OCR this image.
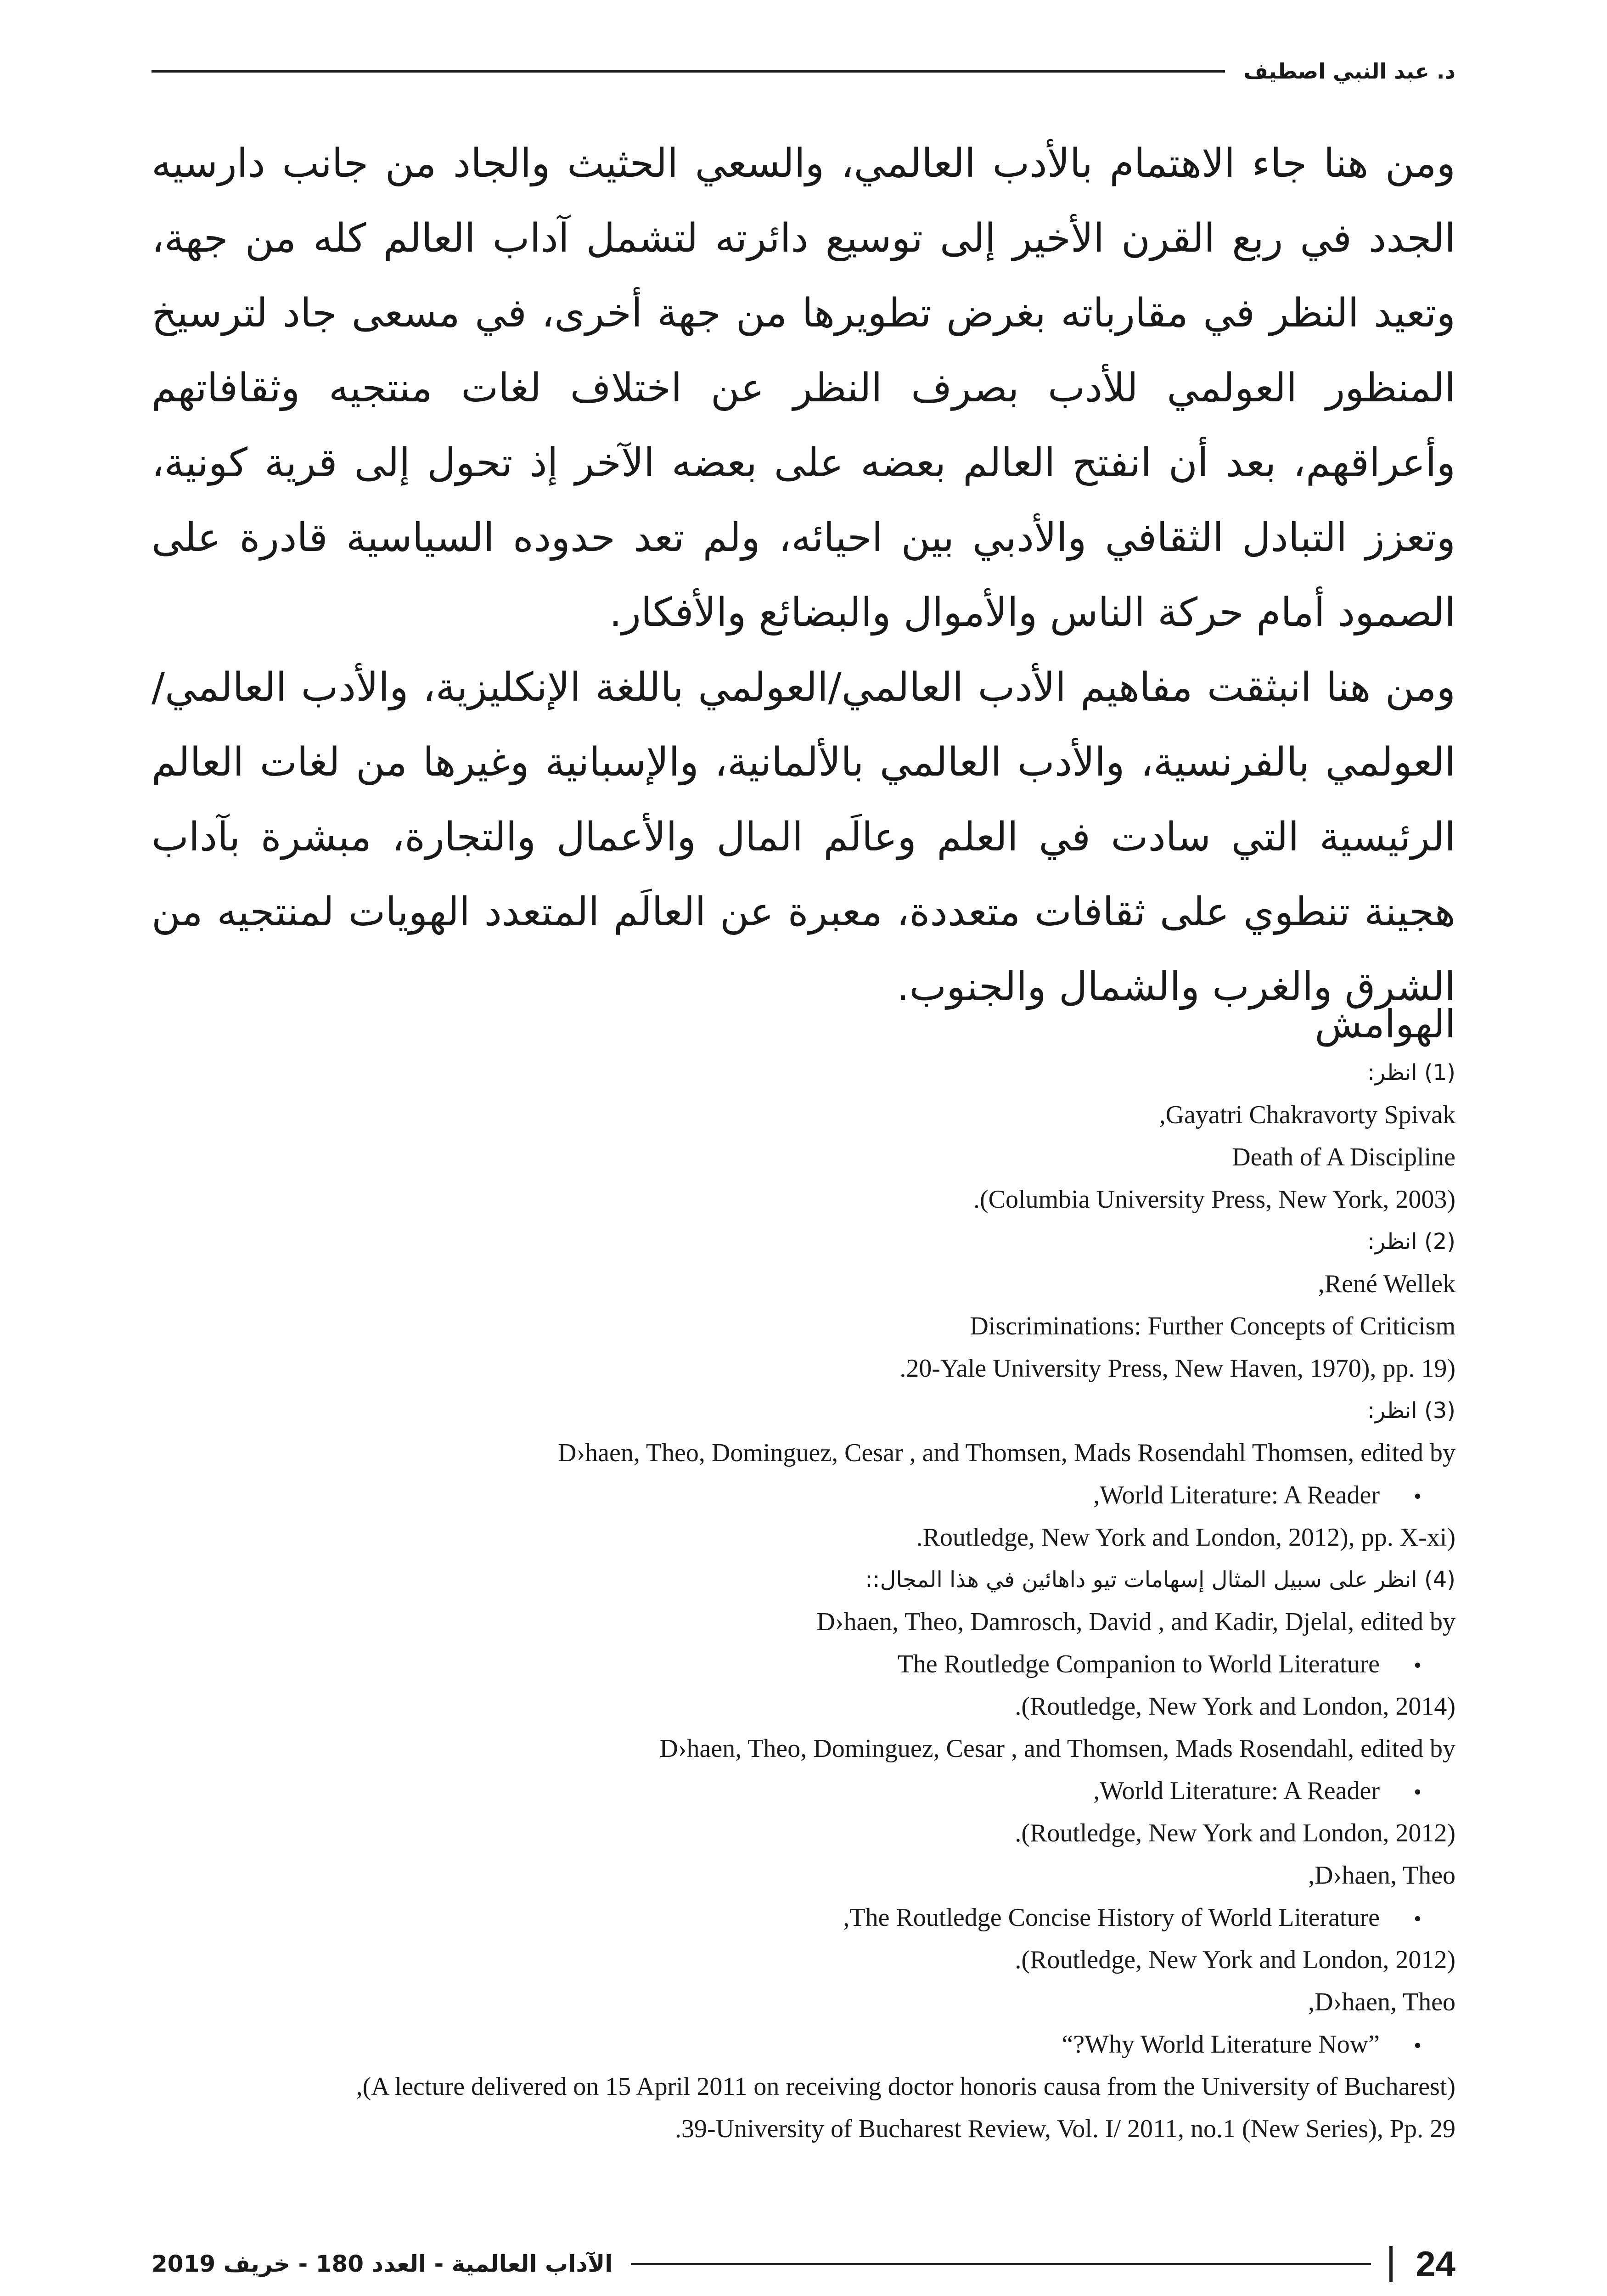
د. عبد النبي اصطيف

ومن هنا جاء الاهتمام بالأدب العالمي، والسعي الحثيث والجاد من جانب دارسيه الجدد في ربع القرن الأخير إلى توسيع دائرته لتشمل آداب العالم كله من جهة، وتعيد النظر في مقارباته بغرض تطويرها من جهة أخرى، في مسعى جاد لترسيخ المنظور العولمي للأدب بصرف النظر عن اختلاف لغات منتجيه وثقافاتهم وأعراقهم، بعد أن انفتح العالم بعضه على بعضه الآخر إذ تحول إلى قرية كونية، وتعزز التبادل الثقافي والأدبي بين احيائه، ولم تعد حدوده السياسية قادرة على الصمود أمام حركة الناس والأموال والبضائع والأفكار.

ومن هنا انبثقت مفاهيم الأدب العالمي/العولمي باللغة الإنكليزية، والأدب العالمي/العولمي بالفرنسية، والأدب العالمي بالألمانية، والإسبانية وغيرها من لغات العالم الرئيسية التي سادت في العلم وعالَم المال والأعمال والتجارة، مبشرة بآداب هجينة تنطوي على ثقافات متعددة، معبرة عن العالَم المتعدد الهويات لمنتجيه من الشرق والغرب والشمال والجنوب.

الهوامش
(1) انظر:
,Gayatri Chakravorty Spivak
Death of A Discipline
.(Columbia University Press, New York, 2003)
(2) انظر:
,René Wellek
Discriminations: Further Concepts of Criticism
.20-Yale University Press, New Haven, 1970), pp. 19)
(3) انظر:
D›haen, Theo, Dominguez, Cesar , and Thomsen, Mads Rosendahl Thomsen, edited by
,World Literature: A Reader •
.Routledge, New York and London, 2012), pp. X-xi)
(4) انظر على سبيل المثال إسهامات تيو داهائين في هذا المجال::
D›haen, Theo, Damrosch, David , and Kadir, Djelal, edited by
The Routledge Companion to World Literature •
.(Routledge, New York and London, 2014)
D›haen, Theo, Dominguez, Cesar , and Thomsen, Mads Rosendahl, edited by
,World Literature: A Reader •
.(Routledge, New York and London, 2012)
,D›haen, Theo
,The Routledge Concise History of World Literature •
.(Routledge, New York and London, 2012)
,D›haen, Theo
“?Why World Literature Now” •
,(A lecture delivered on 15 April 2011 on receiving doctor honoris causa from the University of Bucharest)
.39-University of Bucharest Review, Vol. I/ 2011, no.1 (New Series), Pp. 29
2019 الآداب العالمية - العدد 180 - خريف	24
